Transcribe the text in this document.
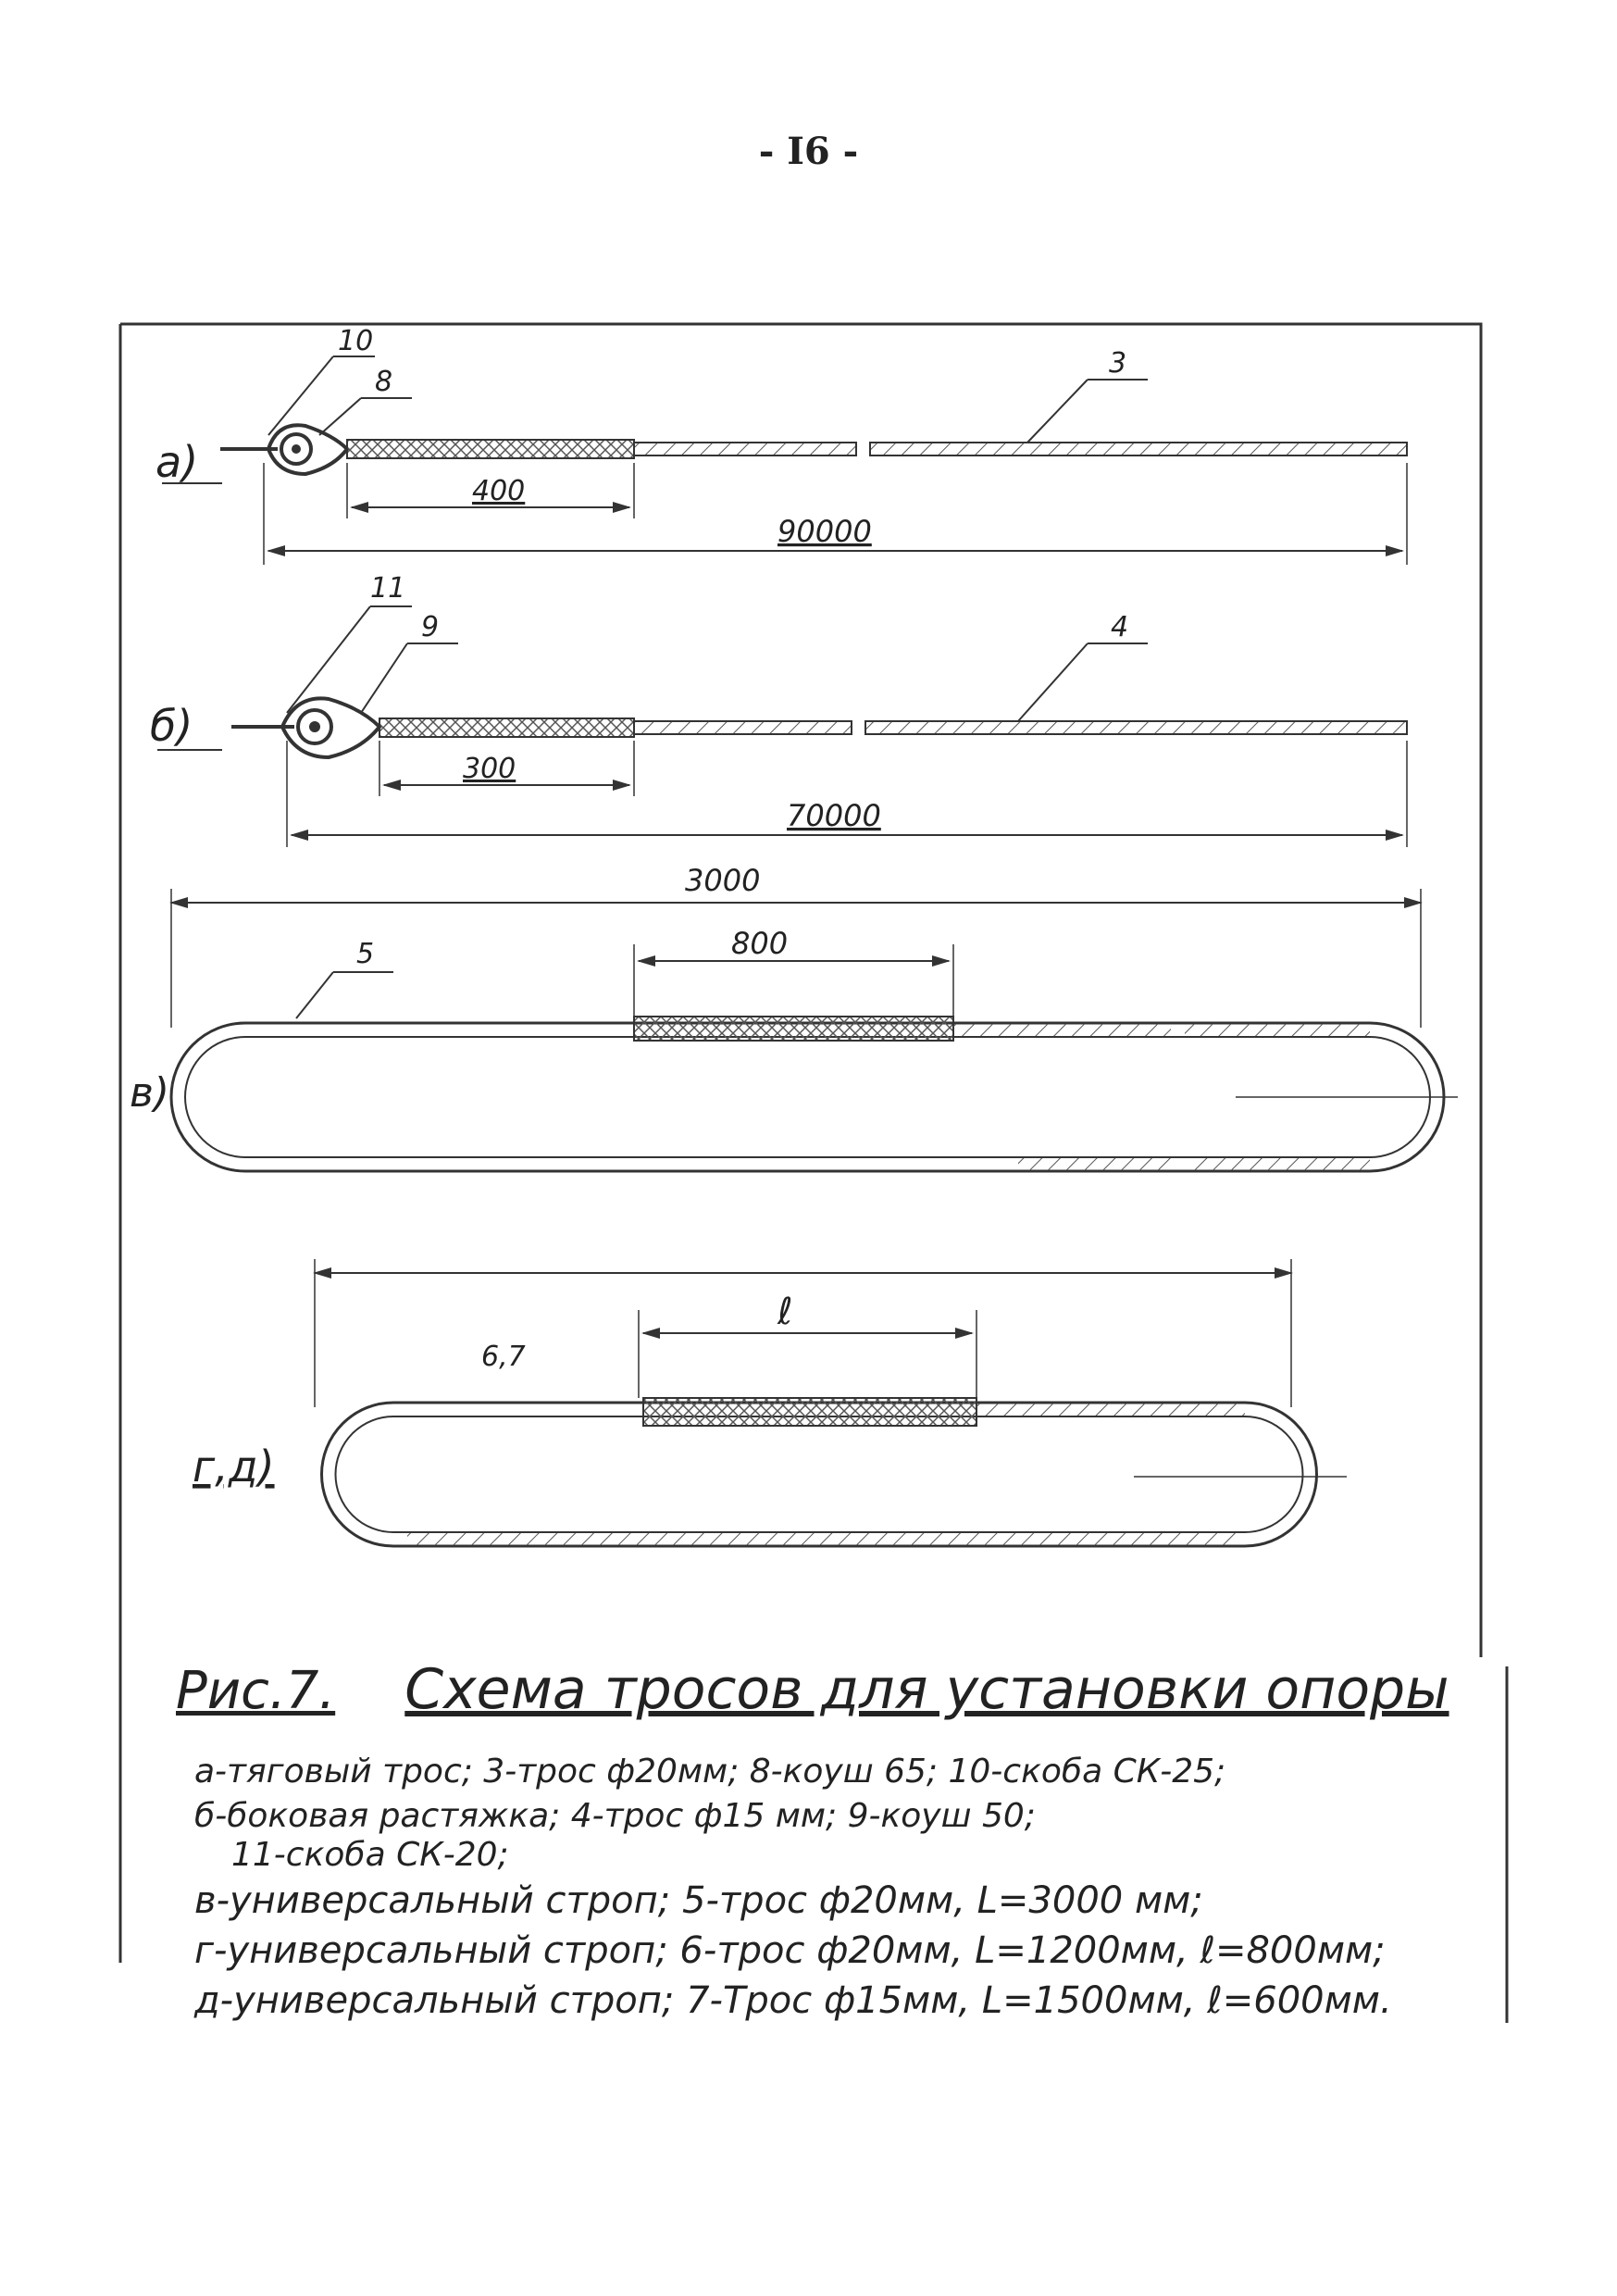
- I6 -
а)
10
8
3
400
90000
б)
11
9	4
300
70000
3000
800
в)
5
ℓ
6,7
г,д)
Рис.7. Схема тросов для установки опоры
а-тяговый трос; 3-трос ф20мм; 8-коуш 65; 10-скоба СК-25;
б-боковая растяжка; 4-трос ф15 мм; 9-коуш 50;
11-скоба СК-20;
в-универсальный строп; 5-трос ф20мм, L=3000 мм;
г-универсальный строп; 6-трос ф20мм, L=1200мм, ℓ=800мм;
д-универсальный строп; 7-Трос ф15мм, L=1500мм, ℓ=600мм.
